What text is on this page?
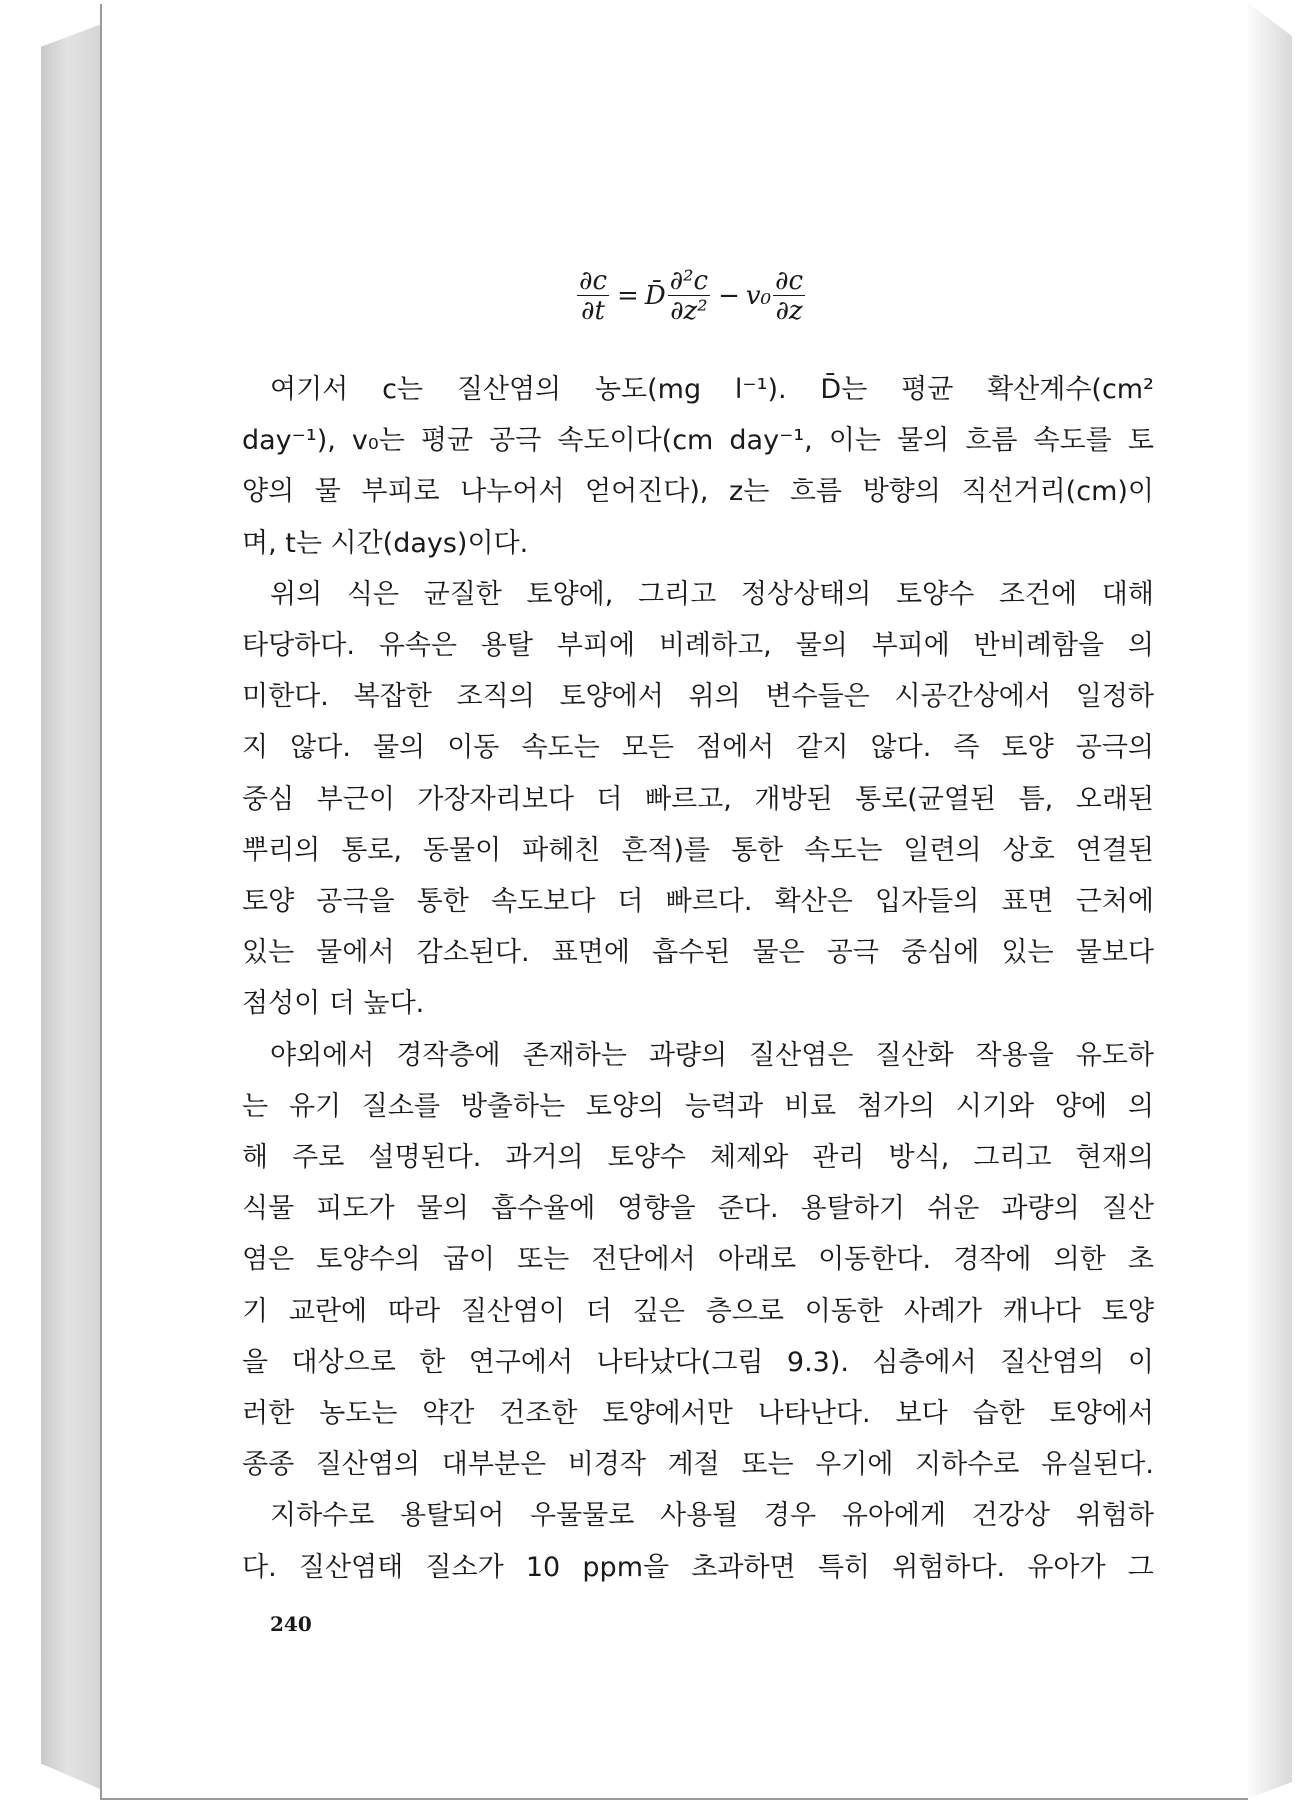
$\frac{\partial c}{\partial t}$ = D̄ $\frac{\text{∂²c}}{\text{∂z²}} - v_0 \frac{\partial c}{\partial z}$
여기서 c는 질산염의 농도(mg l⁻¹). D̄는 평균 확산계수(cm²
day⁻¹), v₀는 평균 공극 속도이다(cm day⁻¹, 이는 물의 흐름 속도를 토
양의 물 부피로 나누어서 얻어진다), z는 흐름 방향의 직선거리(cm)이
며, t는 시간(days)이다.
위의 식은 균질한 토양에, 그리고 정상상태의 토양수 조건에 대해
타당하다. 유속은 용탈 부피에 비례하고, 물의 부피에 반비례함을 의
미한다. 복잡한 조직의 토양에서 위의 변수들은 시공간상에서 일정하
지 않다. 물의 이동 속도는 모든 점에서 같지 않다. 즉 토양 공극의
중심 부근이 가장자리보다 더 빠르고, 개방된 통로(균열된 틈, 오래된
뿌리의 통로, 동물이 파헤친 흔적)를 통한 속도는 일련의 상호 연결된
토양 공극을 통한 속도보다 더 빠르다. 확산은 입자들의 표면 근처에
있는 물에서 감소된다. 표면에 흡수된 물은 공극 중심에 있는 물보다
점성이 더 높다.
야외에서 경작층에 존재하는 과량의 질산염은 질산화 작용을 유도하
는 유기 질소를 방출하는 토양의 능력과 비료 첨가의 시기와 양에 의
해 주로 설명된다. 과거의 토양수 체제와 관리 방식, 그리고 현재의
식물 피도가 물의 흡수율에 영향을 준다. 용탈하기 쉬운 과량의 질산
염은 토양수의 굽이 또는 전단에서 아래로 이동한다. 경작에 의한 초
기 교란에 따라 질산염이 더 깊은 층으로 이동한 사례가 캐나다 토양
을 대상으로 한 연구에서 나타났다(그림 9.3). 심층에서 질산염의 이
러한 농도는 약간 건조한 토양에서만 나타난다. 보다 습한 토양에서
종종 질산염의 대부분은 비경작 계절 또는 우기에 지하수로 유실된다.
지하수로 용탈되어 우물물로 사용될 경우 유아에게 건강상 위험하
다. 질산염태 질소가 10 ppm을 초과하면 특히 위험하다. 유아가 그
240
